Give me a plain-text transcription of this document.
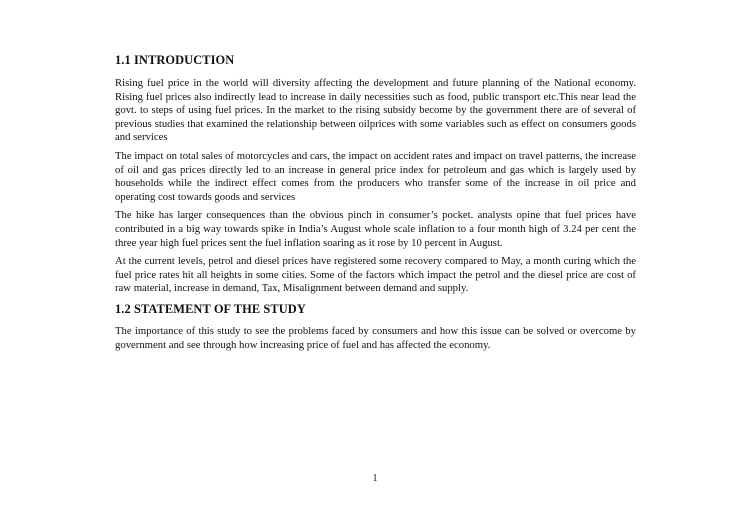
1.1 INTRODUCTION

Rising fuel price in the world will diversity affecting the development and future planning of the National economy. Rising fuel prices also indirectly lead to increase in daily necessities such as food, public transport etc.This near lead the govt. to steps of using fuel prices. In the market to the rising subsidy become by the government there are of several of previous studies that examined the relationship between oilprices with some variables such as effect on consumers goods and services

The impact on total sales of motorcycles and cars, the impact on accident rates and impact on travel patterns, the increase of oil and gas prices directly led to an increase in general price index for petroleum and gas which is largely used by households while the indirect effect comes from the producers who transfer some of the increase in oil price and operating cost towards goods and services

The hike has larger consequences than the obvious pinch in consumer’s pocket. analysts opine that fuel prices have contributed in a big way towards spike in India’s August whole scale inflation to a four month high of 3.24 per cent the three year high fuel prices sent the fuel inflation soaring as it rose by 10 percent in August.

At the current levels, petrol and diesel prices have registered some recovery compared to May, a month curing which the fuel price rates hit all heights in some cities. Some of the factors which impact the petrol and the diesel price are cost of raw material, increase in demand, Tax, Misalignment between demand and supply.

1.2 STATEMENT OF THE STUDY

The importance of this study to see the problems faced by consumers and how this issue can be solved or overcome by government and see through how increasing price of fuel and has affected the economy.

1
